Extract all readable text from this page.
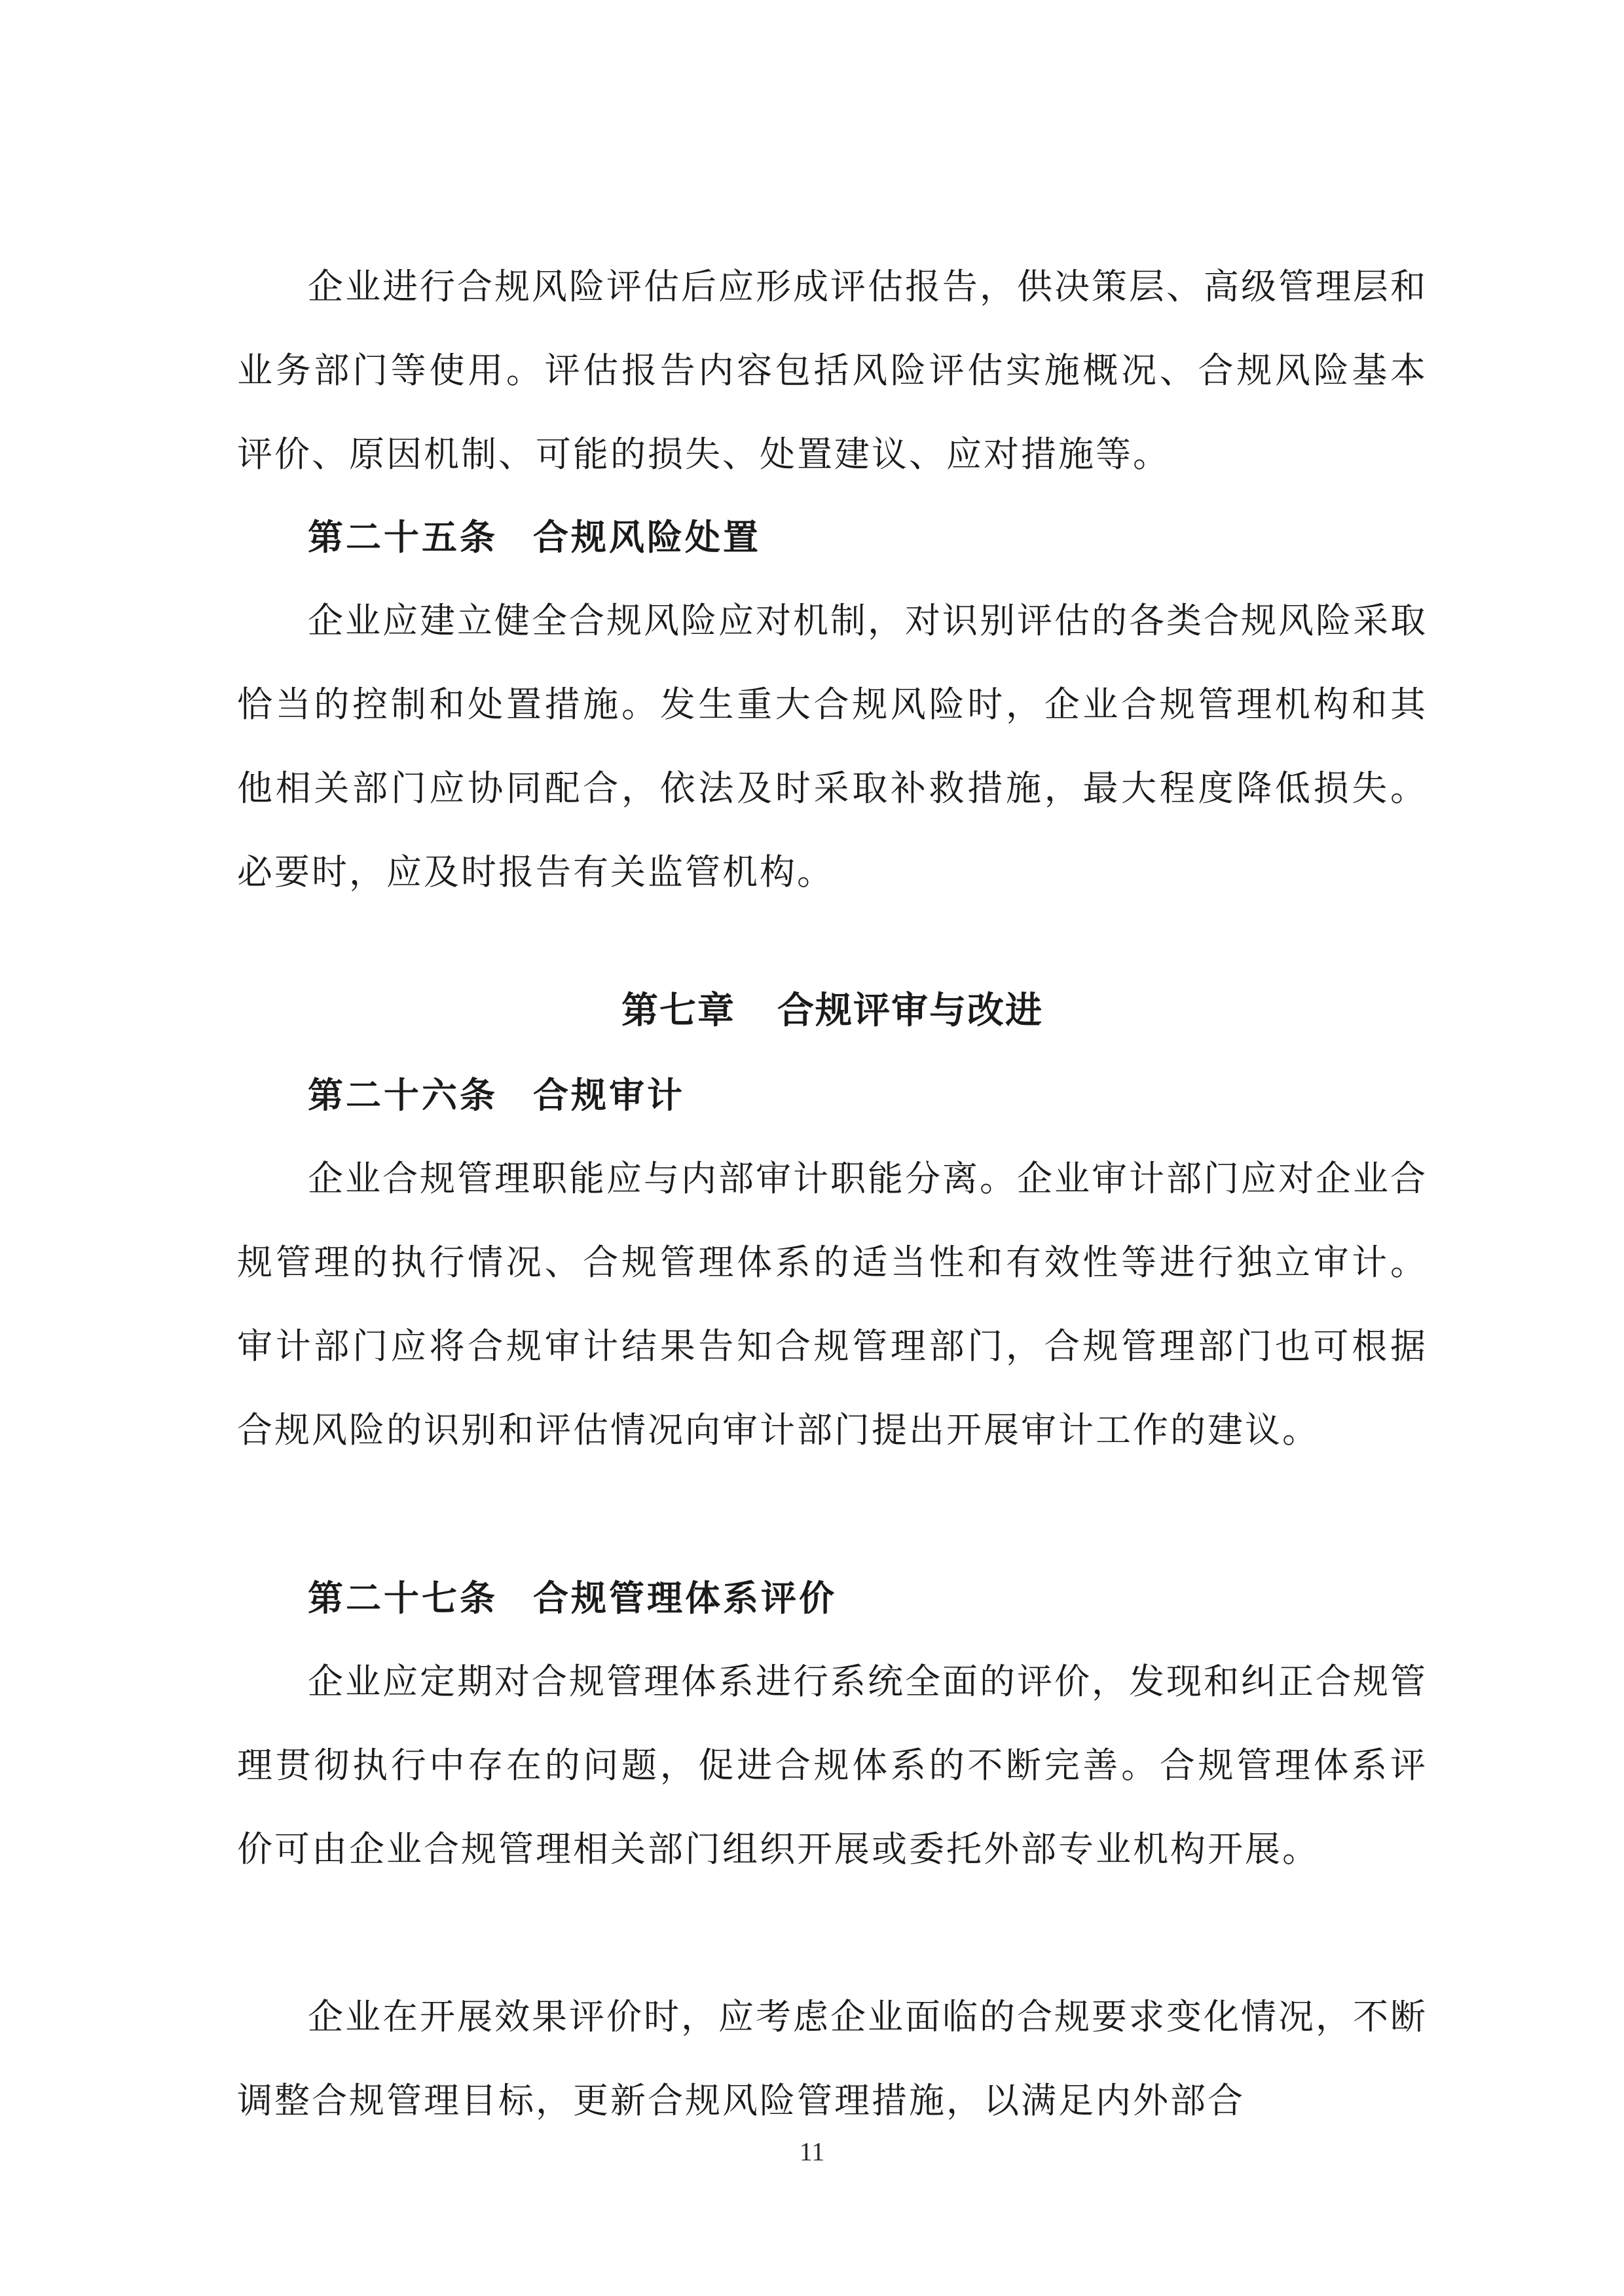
企业进行合规风险评估后应形成评估报告，供决策层、高级管理层和业务部门等使用。评估报告内容包括风险评估实施概况、合规风险基本评价、原因机制、可能的损失、处置建议、应对措施等。

第二十五条 合规风险处置

企业应建立健全合规风险应对机制，对识别评估的各类合规风险采取恰当的控制和处置措施。发生重大合规风险时，企业合规管理机构和其他相关部门应协同配合，依法及时采取补救措施，最大程度降低损失。必要时，应及时报告有关监管机构。

第七章 合规评审与改进

第二十六条 合规审计

企业合规管理职能应与内部审计职能分离。企业审计部门应对企业合规管理的执行情况、合规管理体系的适当性和有效性等进行独立审计。审计部门应将合规审计结果告知合规管理部门，合规管理部门也可根据合规风险的识别和评估情况向审计部门提出开展审计工作的建议。

第二十七条 合规管理体系评价

企业应定期对合规管理体系进行系统全面的评价，发现和纠正合规管理贯彻执行中存在的问题，促进合规体系的不断完善。合规管理体系评价可由企业合规管理相关部门组织开展或委托外部专业机构开展。

企业在开展效果评价时，应考虑企业面临的合规要求变化情况，不断调整合规管理目标，更新合规风险管理措施，以满足内外部合

11
